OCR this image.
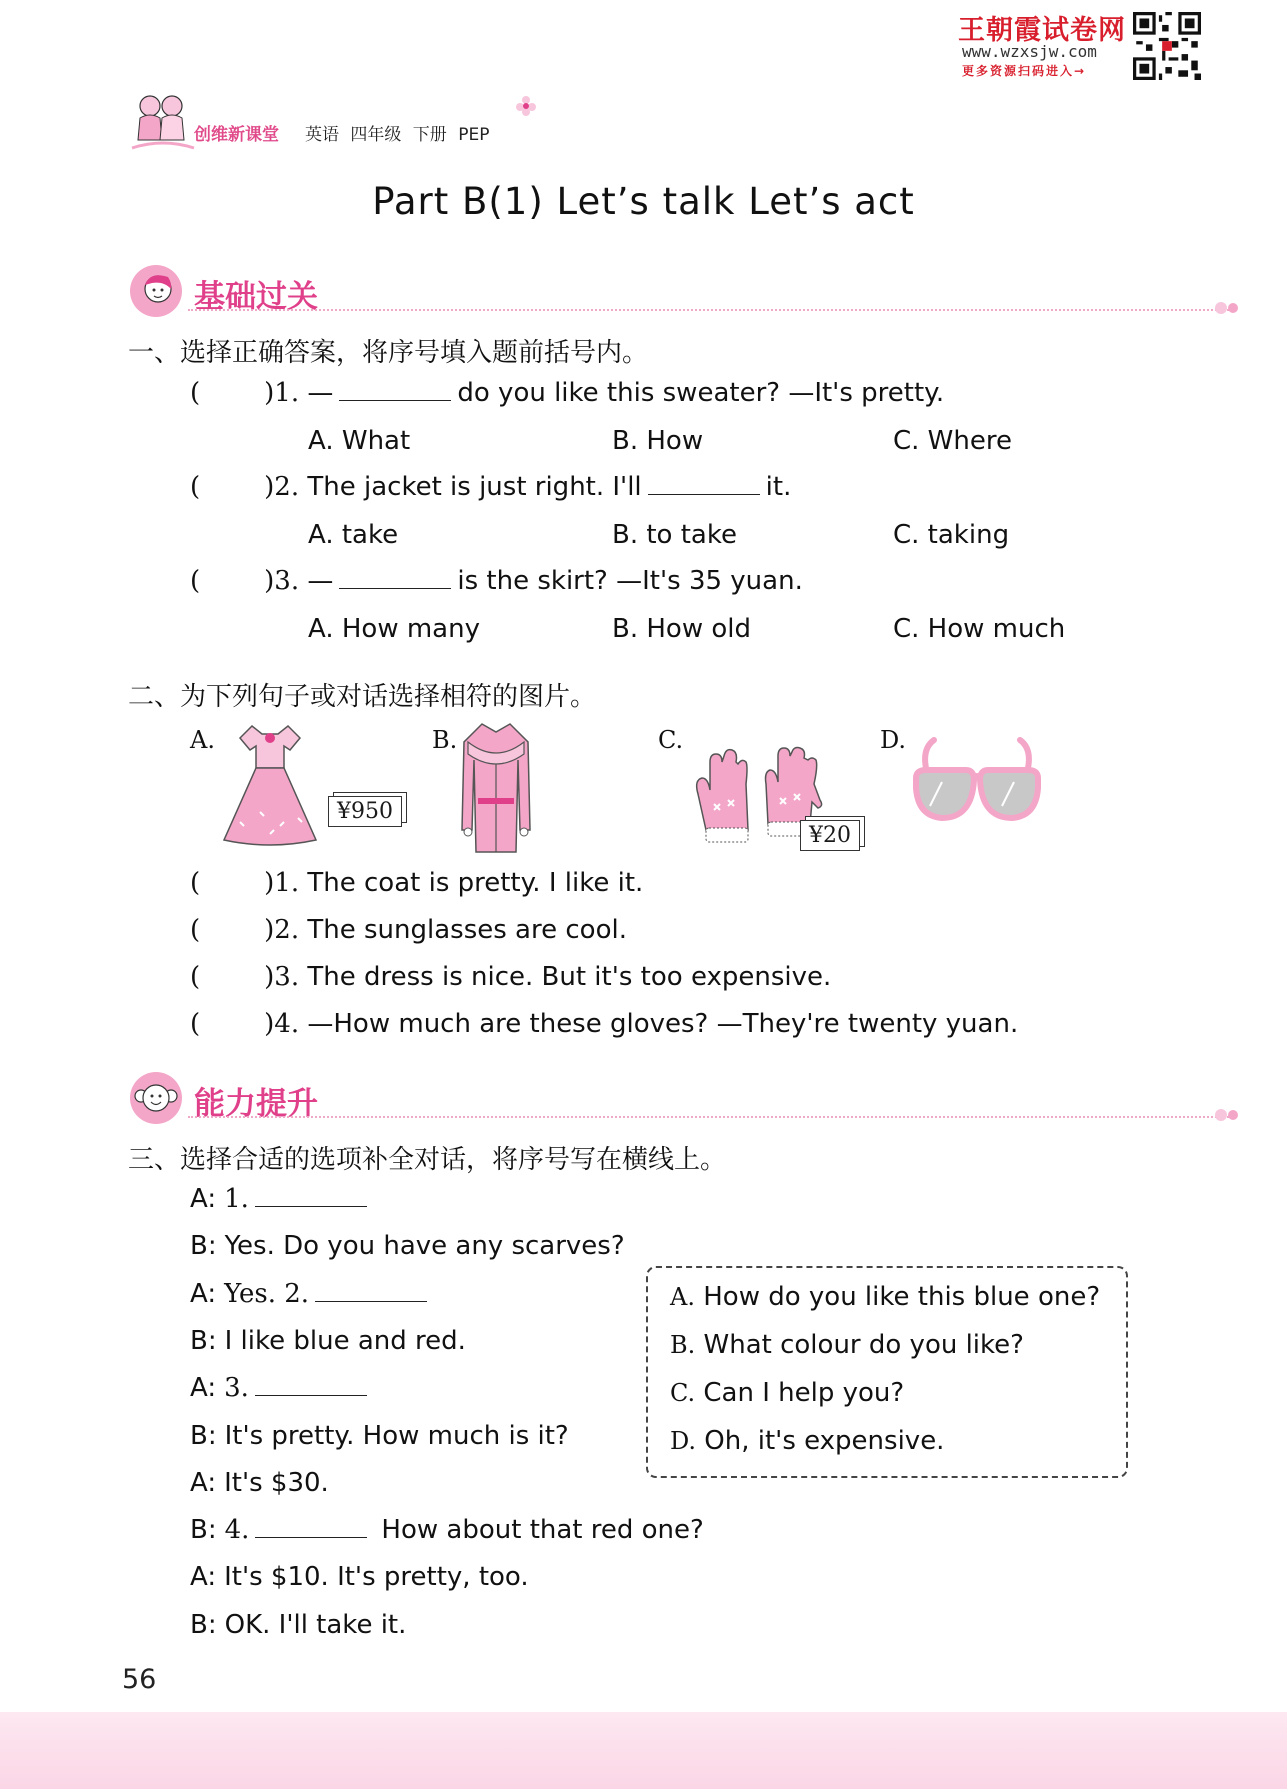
王朝霞试卷网
www.wzxsjw.com
更多资源扫码进入→
创维新课堂 英语 四年级 下册 PEP
Part B(1) Let’s talk Let’s act
基础过关
一、选择正确答案，将序号填入题前括号内。
( )1. —	do you like this sweater? —It's pretty.
A. What	B. How	C. Where
( )2. The jacket is just right. I'll	it.
A. take	B. to take	C. taking
( )3. —	is the skirt? —It's 35 yuan.
A. How many	B. How old	C. How much
二、为下列句子或对话选择相符的图片。
A.
¥950
B.	C.
¥20
D.
( )1. The coat is pretty. I like it.
( )2. The sunglasses are cool.
( )3. The dress is nice. But it's too expensive.
( )4. —How much are these gloves? —They're twenty yuan.
能力提升
三、选择合适的选项补全对话，将序号写在横线上。
A: 1.
B: Yes. Do you have any scarves?
A: Yes. 2.
B: I like blue and red.
A: 3.
B: It's pretty. How much is it?
A: It's $30.
B: 4.	How about that red one?
A: It's $10. It's pretty, too.
B: OK. I'll take it.
A. How do you like this blue one?
B. What colour do you like?
C. Can I help you?
D. Oh, it's expensive.
56
